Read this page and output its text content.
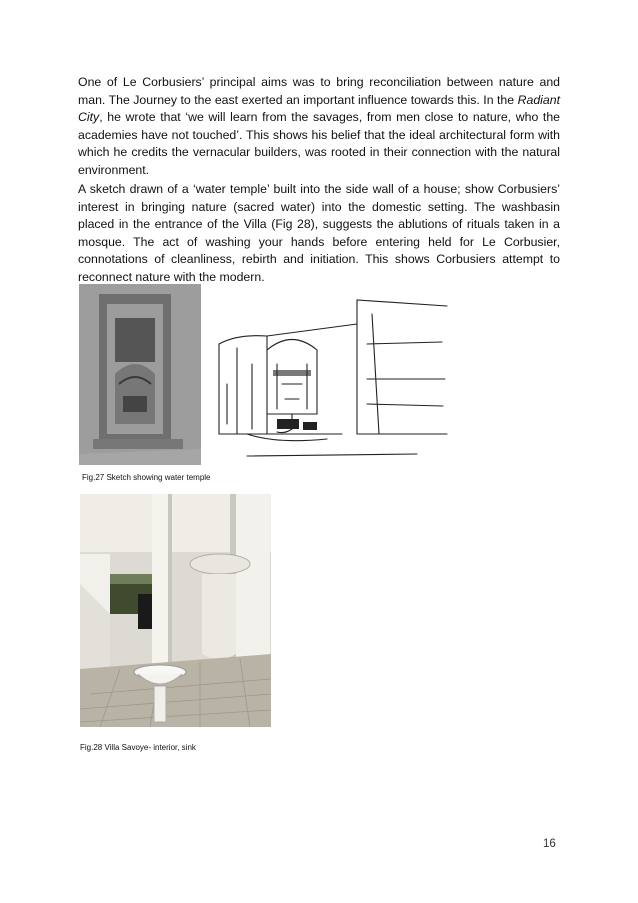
One of Le Corbusiers’ principal aims was to bring reconciliation between nature and man. The Journey to the east exerted an important influence towards this. In the Radiant City, he wrote that ‘we will learn from the savages, from men close to nature, who the academies have not touched’. This shows his belief that the ideal architectural form with which he credits the vernacular builders, was rooted in their connection with the natural environment.

A sketch drawn of a ‘water temple’ built into the side wall of a house; show Corbusiers’ interest in bringing nature (sacred water) into the domestic setting. The washbasin placed in the entrance of the Villa (Fig 28), suggests the ablutions of rituals taken in a mosque. The act of washing your hands before entering held for Le Corbusier, connotations of cleanliness, rebirth and initiation. This shows Corbusiers attempt to reconnect nature with the modern.

Fig.27 Sketch showing water temple
Fig.28 Villa Savoye- interior, sink
16
